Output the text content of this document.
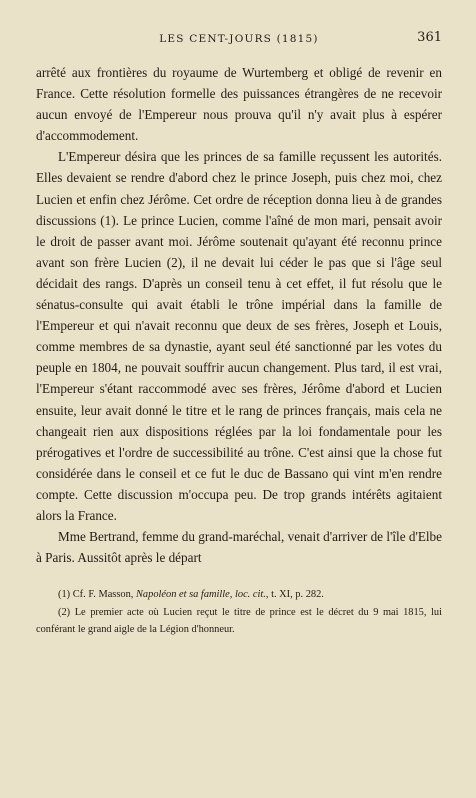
LES CENT-JOURS (1815)	361

arrêté aux frontières du royaume de Wurtemberg et obligé de revenir en France. Cette résolution formelle des puissances étrangères de ne recevoir aucun envoyé de l'Empereur nous prouva qu'il n'y avait plus à espérer d'accommodement.

L'Empereur désira que les princes de sa famille reçussent les autorités. Elles devaient se rendre d'abord chez le prince Joseph, puis chez moi, chez Lucien et enfin chez Jérôme. Cet ordre de réception donna lieu à de grandes discussions (1). Le prince Lucien, comme l'aîné de mon mari, pensait avoir le droit de passer avant moi. Jérôme soutenait qu'ayant été reconnu prince avant son frère Lucien (2), il ne devait lui céder le pas que si l'âge seul décidait des rangs. D'après un conseil tenu à cet effet, il fut résolu que le sénatus-consulte qui avait établi le trône impérial dans la famille de l'Empereur et qui n'avait reconnu que deux de ses frères, Joseph et Louis, comme membres de sa dynastie, ayant seul été sanctionné par les votes du peuple en 1804, ne pouvait souffrir aucun changement. Plus tard, il est vrai, l'Empereur s'étant raccommodé avec ses frères, Jérôme d'abord et Lucien ensuite, leur avait donné le titre et le rang de princes français, mais cela ne changeait rien aux dispositions réglées par la loi fondamentale pour les prérogatives et l'ordre de successibilité au trône. C'est ainsi que la chose fut considérée dans le conseil et ce fut le duc de Bassano qui vint m'en rendre compte. Cette discussion m'occupa peu. De trop grands intérêts agitaient alors la France.

Mme Bertrand, femme du grand-maréchal, venait d'arriver de l'île d'Elbe à Paris. Aussitôt après le départ

(1) Cf. F. Masson, Napoléon et sa famille, loc. cit., t. XI, p. 282.

(2) Le premier acte où Lucien reçut le titre de prince est le décret du 9 mai 1815, lui conférant le grand aigle de la Légion d'honneur.
